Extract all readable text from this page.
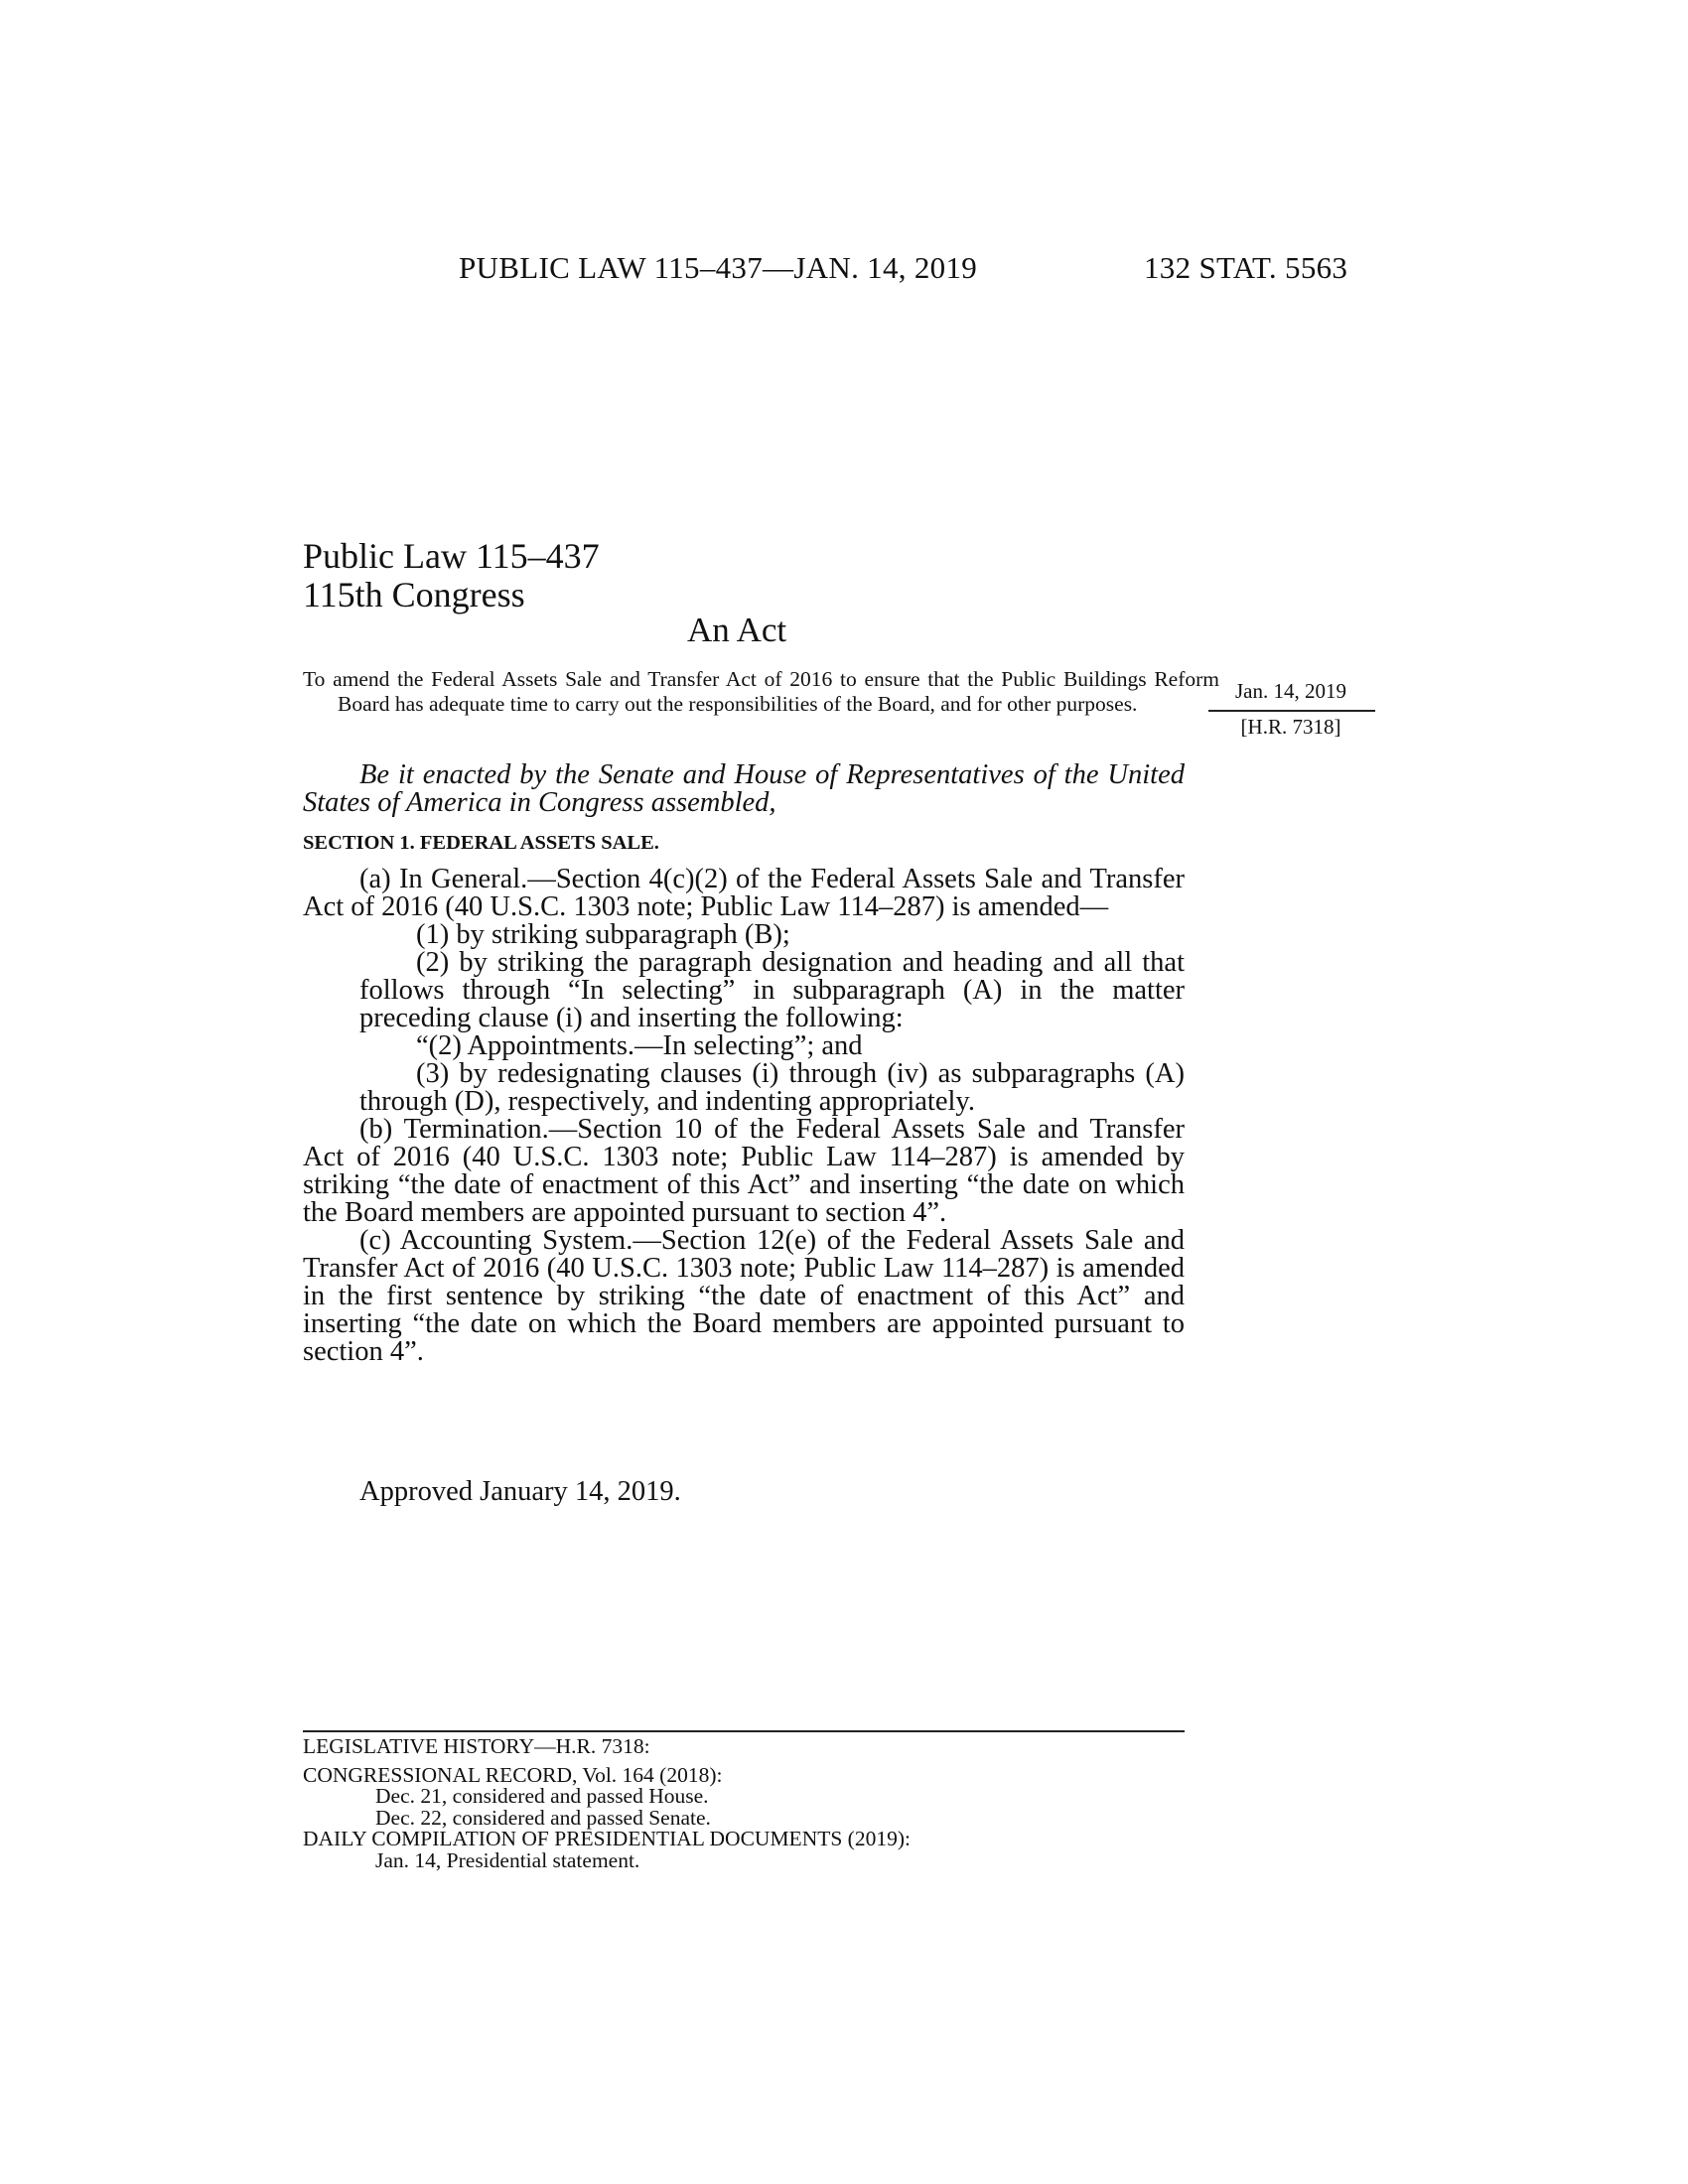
PUBLIC LAW 115–437—JAN. 14, 2019	132 STAT. 5563
Public Law 115–437
115th Congress
An Act
To amend the Federal Assets Sale and Transfer Act of 2016 to ensure that the Public Buildings Reform Board has adequate time to carry out the responsibilities of the Board, and for other purposes.
Jan. 14, 2019
[H.R. 7318]
Be it enacted by the Senate and House of Representatives of the United States of America in Congress assembled,
SECTION 1. FEDERAL ASSETS SALE.

(a) In General.—Section 4(c)(2) of the Federal Assets Sale and Transfer Act of 2016 (40 U.S.C. 1303 note; Public Law 114–287) is amended—

(1) by striking subparagraph (B);

(2) by striking the paragraph designation and heading and all that follows through “In selecting” in subparagraph (A) in the matter preceding clause (i) and inserting the following:

“(2) Appointments.—In selecting”; and

(3) by redesignating clauses (i) through (iv) as subparagraphs (A) through (D), respectively, and indenting appropriately.

(b) Termination.—Section 10 of the Federal Assets Sale and Transfer Act of 2016 (40 U.S.C. 1303 note; Public Law 114–287) is amended by striking “the date of enactment of this Act” and inserting “the date on which the Board members are appointed pursuant to section 4”.

(c) Accounting System.—Section 12(e) of the Federal Assets Sale and Transfer Act of 2016 (40 U.S.C. 1303 note; Public Law 114–287) is amended in the first sentence by striking “the date of enactment of this Act” and inserting “the date on which the Board members are appointed pursuant to section 4”.

Approved January 14, 2019.

LEGISLATIVE HISTORY—H.R. 7318:

CONGRESSIONAL RECORD, Vol. 164 (2018):

Dec. 21, considered and passed House.

Dec. 22, considered and passed Senate.

DAILY COMPILATION OF PRESIDENTIAL DOCUMENTS (2019):

Jan. 14, Presidential statement.
